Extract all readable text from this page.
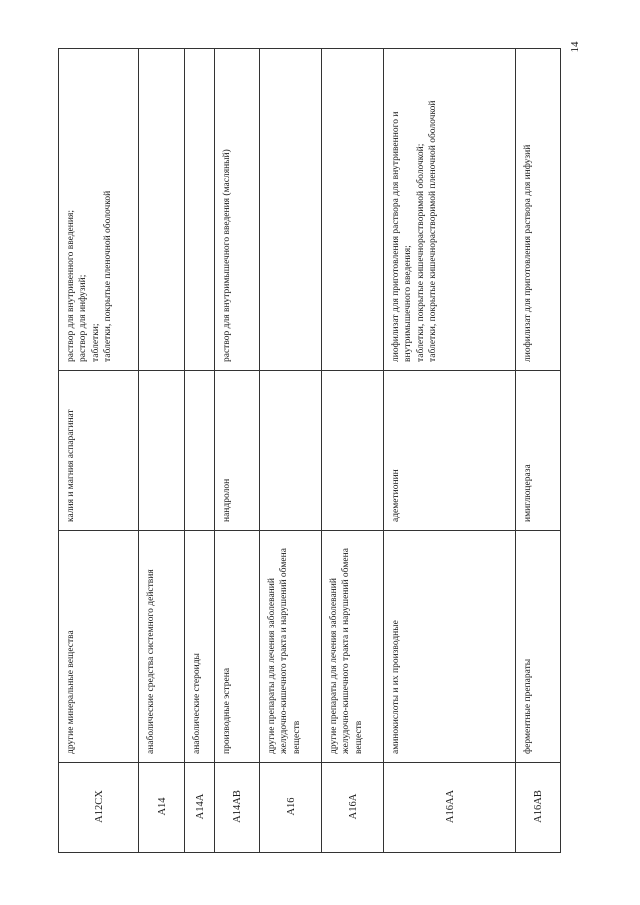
14
A12CX	другие минеральные вещества	калия и магния аспарагинат	раствор для внутривенного введения; раствор для инфузий; таблетки; таблетки, покрытые пленочной оболочкой

A14	анаболические средства системного действия		
A14A	анаболические стероиды		
A14AB	производные эстрена	нандролон	раствор для внутримышечного введения (масляный)

A16	другие препараты для лечения заболеваний желудочно-кишечного тракта и нарушений обмена веществ		
A16A	другие препараты для лечения заболеваний желудочно-кишечного тракта и нарушений обмена веществ		
A16AA	аминокислоты и их производные	адеметионин	лиофилизат для приготовления раствора для внутривенного и внутримышечного введения; таблетки, покрытые кишечнорастворимой оболочкой; таблетки, покрытые кишечнорастворимой пленочной оболочкой

A16AB	ферментные препараты	имиглюцераза	лиофилизат для приготовления раствора для инфузий
